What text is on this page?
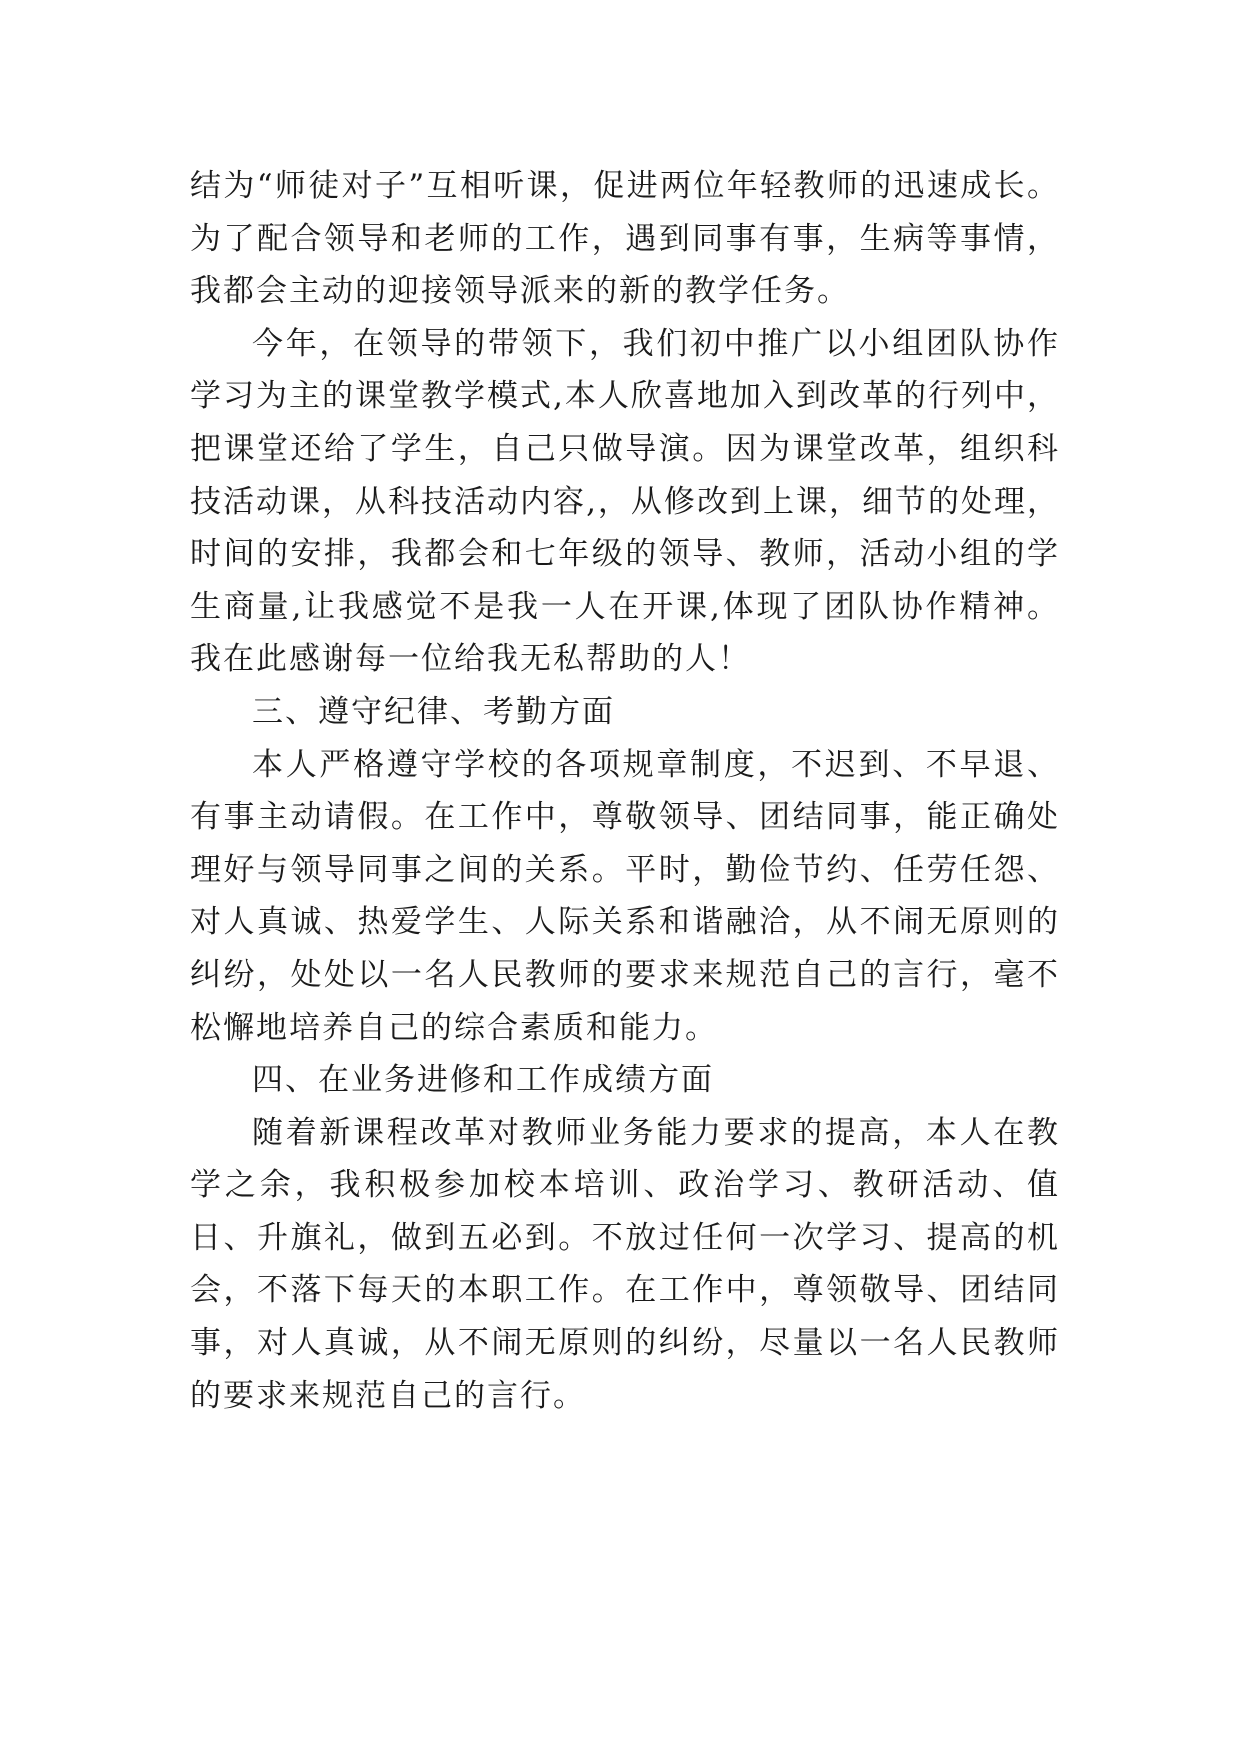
结为“师徒对子”互相听课，促进两位年轻教师的迅速成长。为了配合领导和老师的工作，遇到同事有事，生病等事情，我都会主动的迎接领导派来的新的教学任务。

今年，在领导的带领下，我们初中推广以小组团队协作学习为主的课堂教学模式,本人欣喜地加入到改革的行列中，把课堂还给了学生，自己只做导演。因为课堂改革，组织科技活动课，从科技活动内容,，从修改到上课，细节的处理，时间的安排，我都会和七年级的领导、教师，活动小组的学生商量,让我感觉不是我一人在开课,体现了团队协作精神。我在此感谢每一位给我无私帮助的人！

三、遵守纪律、考勤方面

本人严格遵守学校的各项规章制度，不迟到、不早退、有事主动请假。在工作中，尊敬领导、团结同事，能正确处理好与领导同事之间的关系。平时，勤俭节约、任劳任怨、对人真诚、热爱学生、人际关系和谐融洽，从不闹无原则的纠纷，处处以一名人民教师的要求来规范自己的言行，毫不松懈地培养自己的综合素质和能力。

四、在业务进修和工作成绩方面

随着新课程改革对教师业务能力要求的提高，本人在教学之余，我积极参加校本培训、政治学习、教研活动、值日、升旗礼，做到五必到。不放过任何一次学习、提高的机会，不落下每天的本职工作。在工作中，尊领敬导、团结同事，对人真诚，从不闹无原则的纠纷，尽量以一名人民教师的要求来规范自己的言行。
